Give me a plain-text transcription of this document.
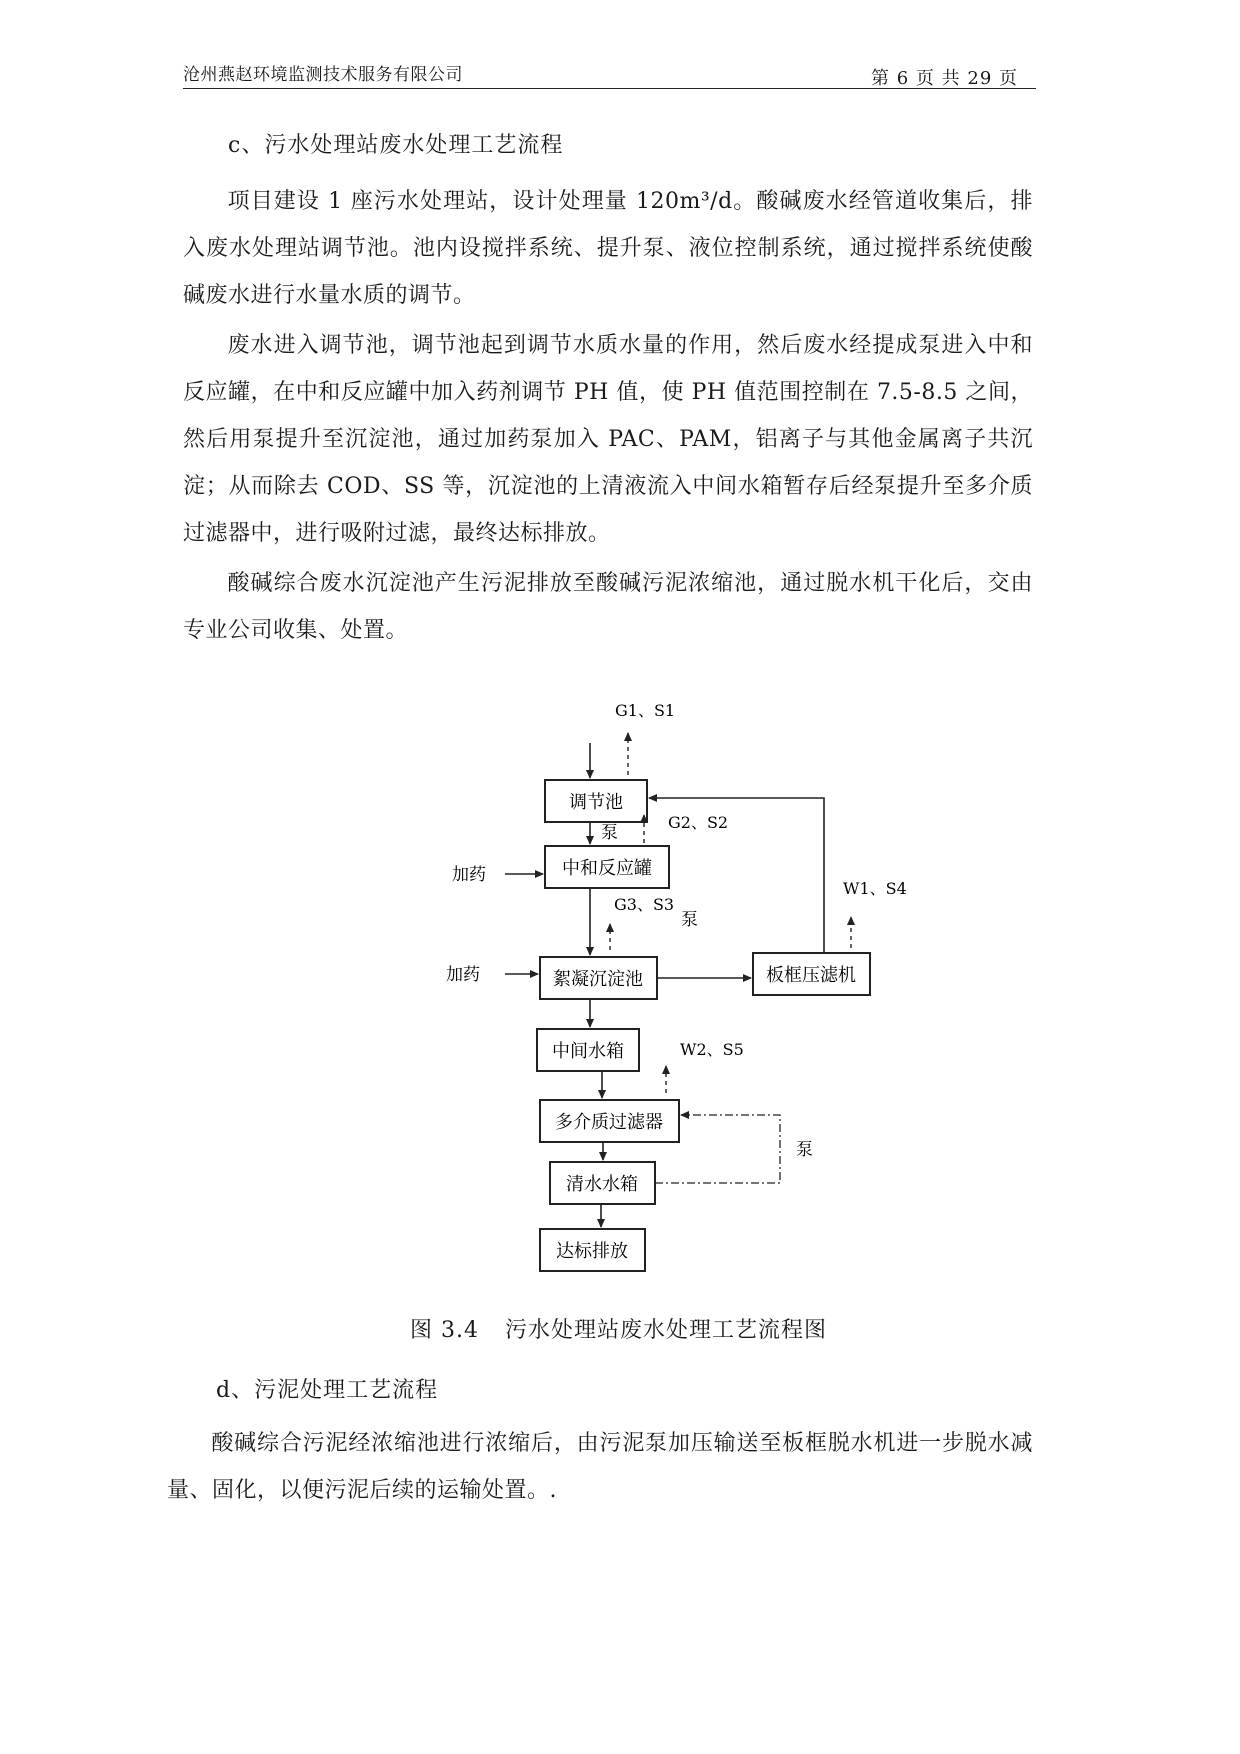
沧州燕赵环境监测技术服务有限公司	第 6 页 共 29 页
c、污水处理站废水处理工艺流程

项目建设 1 座污水处理站，设计处理量 120m³/d。酸碱废水经管道收集后，排入废水处理站调节池。池内设搅拌系统、提升泵、液位控制系统，通过搅拌系统使酸碱废水进行水量水质的调节。

废水进入调节池，调节池起到调节水质水量的作用，然后废水经提成泵进入中和反应罐，在中和反应罐中加入药剂调节 PH 值，使 PH 值范围控制在 7.5-8.5 之间，然后用泵提升至沉淀池，通过加药泵加入 PAC、PAM，铝离子与其他金属离子共沉淀；从而除去 COD、SS 等，沉淀池的上清液流入中间水箱暂存后经泵提升至多介质过滤器中，进行吸附过滤，最终达标排放。

酸碱综合废水沉淀池产生污泥排放至酸碱污泥浓缩池，通过脱水机干化后，交由专业公司收集、处置。

调节池
中和反应罐
絮凝沉淀池	板框压滤机
中间水箱
多介质过滤器
清水水箱
达标排放
G1、S1
G2、S2
G3、S3
W1、S4
W2、S5
泵
泵
泵
加药
加药
图 3.4 污水处理站废水处理工艺流程图
d、污泥处理工艺流程

酸碱综合污泥经浓缩池进行浓缩后，由污泥泵加压输送至板框脱水机进一步脱水减量、固化，以便污泥后续的运输处置。.
